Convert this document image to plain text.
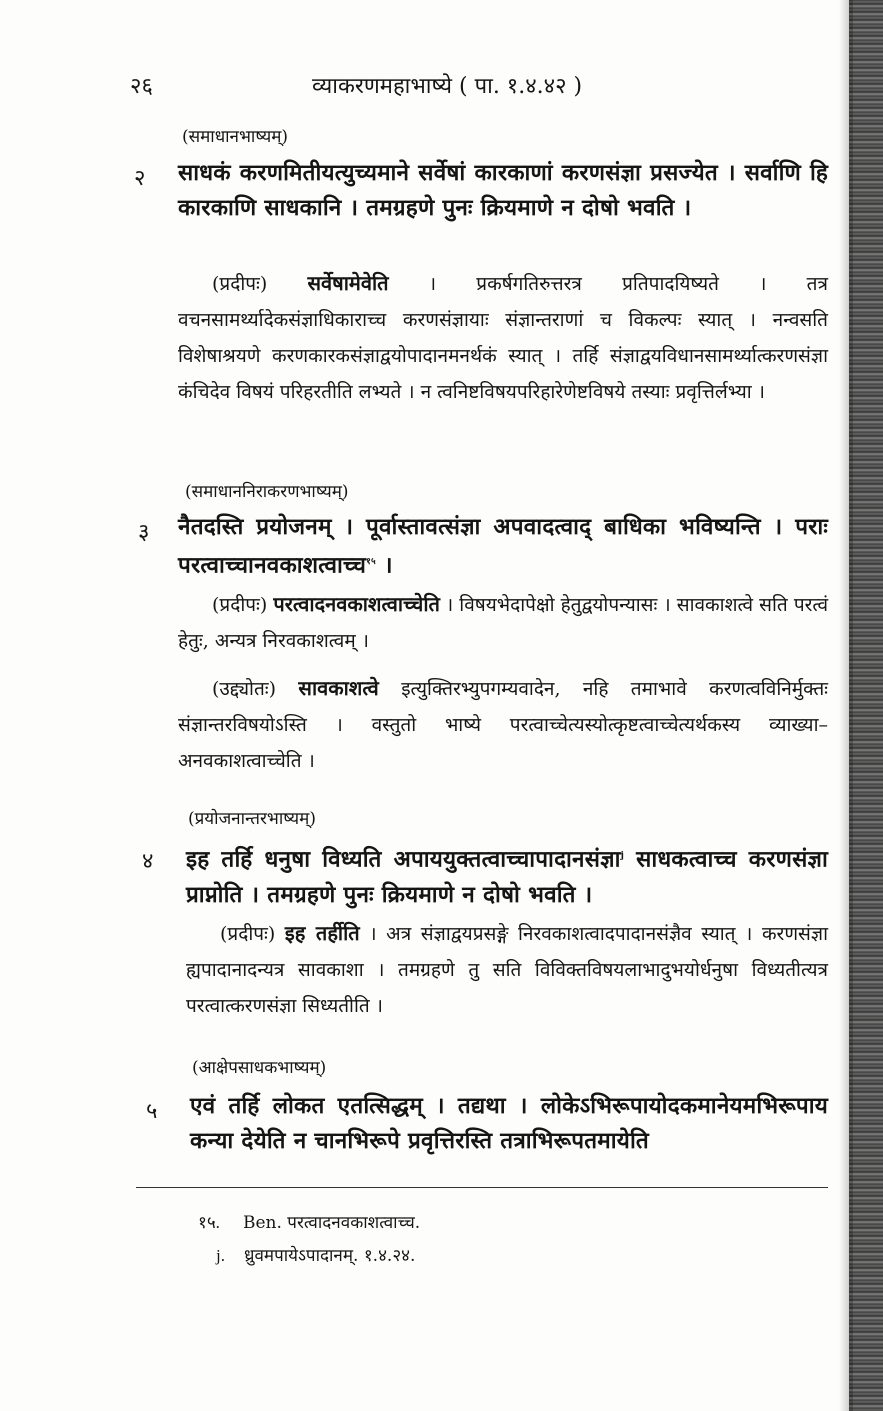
२६	व्याकरणमहाभाष्ये ( पा. १.४.४२ )
(समाधानभाष्यम्)
२ साधकं करणमितीयत्युच्यमाने सर्वेषां कारकाणां करणसंज्ञा प्रसज्येत । सर्वाणि हि कारकाणि साधकानि । तमग्रहणे पुनः क्रियमाणे न दोषो भवति ।
(प्रदीपः) सर्वेषामेवेति । प्रकर्षगतिरुत्तरत्र प्रतिपादयिष्यते । तत्र वचनसामर्थ्यादेकसंज्ञाधिकाराच्च करणसंज्ञायाः संज्ञान्तराणां च विकल्पः स्यात् । नन्वसति विशेषाश्रयणे करणकारकसंज्ञाद्वयोपादानमनर्थकं स्यात् । तर्हि संज्ञाद्वयविधानसामर्थ्यात्करणसंज्ञा कंचिदेव विषयं परिहरतीति लभ्यते । न त्वनिष्टविषयपरिहारेणेष्टविषये तस्याः प्रवृत्तिर्लभ्या ।
(समाधाननिराकरणभाष्यम्)
३ नैतदस्ति प्रयोजनम् । पूर्वास्तावत्संज्ञा अपवादत्वाद् बाधिका भविष्यन्ति । पराः परत्वाच्चानवकाशत्वाच्च$^{१५}$ ।
(प्रदीपः) परत्वादनवकाशत्वाच्चेति । विषयभेदापेक्षो हेतुद्वयोपन्यासः । सावकाशत्वे सति परत्वं हेतुः, अन्यत्र निरवकाशत्वम् ।
(उद्द्योतः) सावकाशत्वे इत्युक्तिरभ्युपगम्यवादेन, नहि तमाभावे करणत्वविनिर्मुक्तः संज्ञान्तरविषयोऽस्ति । वस्तुतो भाष्ये परत्वाच्चेत्यस्योत्कृष्टत्वाच्चेत्यर्थकस्य व्याख्या–अनवकाशत्वाच्चेति ।
(प्रयोजनान्तरभाष्यम्)
४ इह तर्हि धनुषा विध्यति अपाययुक्तत्वाच्चापादानसंज्ञा$^j$ साधकत्वाच्च करणसंज्ञा प्राप्नोति । तमग्रहणे पुनः क्रियमाणे न दोषो भवति ।
(प्रदीपः) इह तर्हीति । अत्र संज्ञाद्वयप्रसङ्गे निरवकाशत्वादपादानसंज्ञैव स्यात् । करणसंज्ञा ह्यपादानादन्यत्र सावकाशा । तमग्रहणे तु सति विविक्तविषयलाभादुभयोर्धनुषा विध्यतीत्यत्र परत्वात्करणसंज्ञा सिध्यतीति ।
(आक्षेपसाधकभाष्यम्)
५ एवं तर्हि लोकत एतत्सिद्धम् । तद्यथा । लोकेऽभिरूपायोदकमानेयमभिरूपाय कन्या देयेति न चानभिरूपे प्रवृत्तिरस्ति तत्राभिरूपतमायेति
१५. Ben. परत्वादनवकाशत्वाच्च.
j. ध्रुवमपायेऽपादानम्. १.४.२४.
